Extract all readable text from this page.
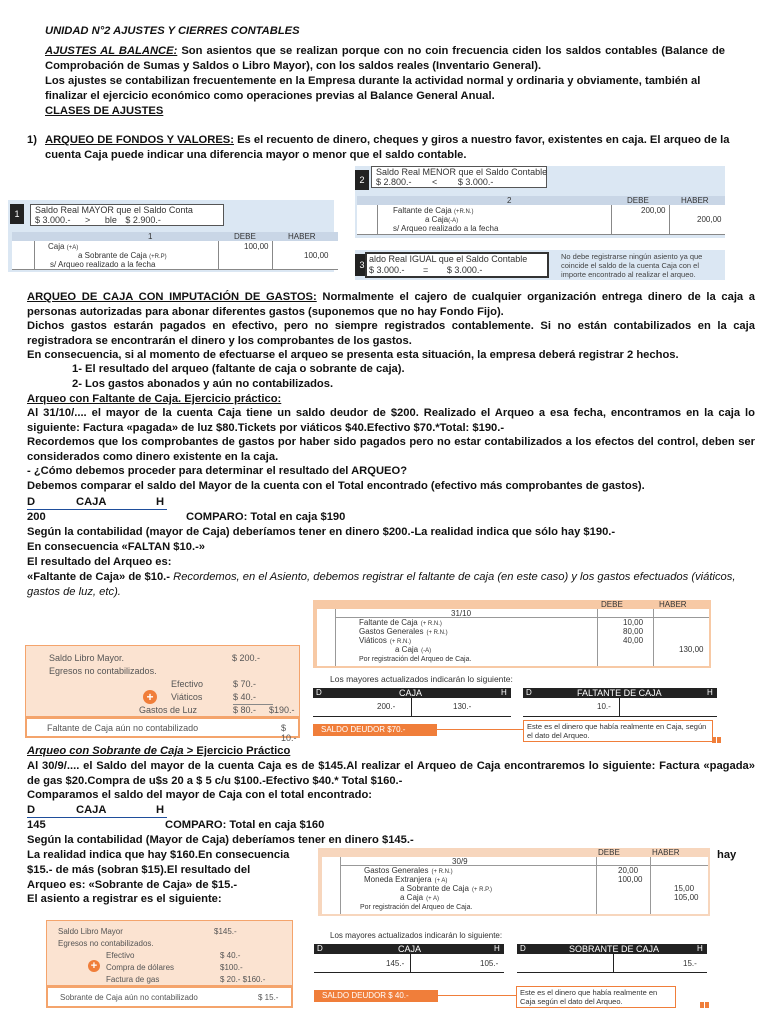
UNIDAD N°2 AJUSTES Y CIERRES CONTABLES
AJUSTES AL BALANCE: Son asientos que se realizan porque con no coin frecuencia ciden los saldos contables (Balance de Comprobación de Sumas y Saldos o Libro Mayor), con los saldos reales (Inventario General).
Los ajustes se contabilizan frecuentemente en la Empresa durante la actividad normal y ordinaria y obviamente, también al finalizar el ejercicio económico como operaciones previas al Balance General Anual.
CLASES DE AJUSTES
1) ARQUEO DE FONDOS Y VALORES: Es el recuento de dinero, cheques y giros a nuestro favor, existentes en caja. El arqueo de la cuenta Caja puede indicar una diferencia mayor o menor que el saldo contable.
1	Saldo Real MAYOR que el Saldo Conta
$ 3.000.- > ble $ 2.900.-
1	DEBE	HABER
Caja (+A)	100,00
a Sobrante de Caja (+R.P)	100,00
s/ Arqueo realizado a la fecha
2
Saldo Real MENOR que el Saldo Contable
$ 2.800.- < $ 3.000.-
2	DEBE	HABER
Faltante de Caja (+R.N.)	200,00
a Caja(-A)	200,00
s/ Arqueo realizado a la fecha
3
aldo Real IGUAL que el Saldo Contable
$ 3.000.- = $ 3.000.-
No debe registrarse ningún asiento ya que coincide el saldo de la cuenta Caja con el importe encontrado al realizar el arqueo.
ARQUEO DE CAJA CON IMPUTACIÓN DE GASTOS: Normalmente el cajero de cualquier organización entrega dinero de la caja a personas autorizadas para abonar diferentes gastos (suponemos que no hay Fondo Fijo).
Dichos gastos estarán pagados en efectivo, pero no siempre registrados contablemente. Si no están contabilizados en la caja registradora se encontrarán el dinero y los comprobantes de los gastos.
En consecuencia, si al momento de efectuarse el arqueo se presenta esta situación, la empresa deberá registrar 2 hechos.
1- El resultado del arqueo (faltante de caja o sobrante de caja).
2- Los gastos abonados y aún no contabilizados.
Arqueo con Faltante de Caja. Ejercicio práctico:
Al 31/10/.... el mayor de la cuenta Caja tiene un saldo deudor de $200. Realizado el Arqueo a esa fecha, encontramos en la caja lo siguiente: Factura «pagada» de luz $80.Tickets por viáticos $40.Efectivo $70.*Total: $190.-
Recordemos que los comprobantes de gastos por haber sido pagados pero no estar contabilizados a los efectos del control, deben ser considerados como dinero existente en la caja.
- ¿Cómo debemos proceder para determinar el resultado del ARQUEO?
Debemos comparar el saldo del Mayor de la cuenta con el Total encontrado (efectivo más comprobantes de gastos).
D	CAJA	H
200	COMPARO: Total en caja $190
Según la contabilidad (mayor de Caja) deberíamos tener en dinero $200.-La realidad indica que sólo hay $190.-
En consecuencia «FALTAN $10.-»
El resultado del Arqueo es:
«Faltante de Caja» de $10.- Recordemos, en el Asiento, debemos registrar el faltante de caja (en este caso) y los gastos efectuados (viáticos, gastos de luz, etc).
DEBE	HABER
31/10
Faltante de Caja (+ R.N.)	10,00
Gastos Generales (+ R.N.)	80,00
Viáticos (+ R.N.)	40,00
a Caja (-A)	130,00
Por registración del Arqueo de Caja.
Los mayores actualizados indicarán lo siguiente:
D	CAJA	H
200.-	130.-
D	FALTANTE DE CAJA	H
10.-
SALDO DEUDOR $70.-	Este es el dinero que había realmente en Caja, según el dato del Arqueo.
Saldo Libro Mayor.	$ 200.-
Egresos no contabilizados.
Efectivo	$ 70.-
Viáticos	$ 40.-
Gastos de Luz	$ 80.-
+
$190.-
Faltante de Caja aún no contabilizado	$ 10.-
Arqueo con Sobrante de Caja > Ejercicio Práctico
Al 30/9/.... el Saldo del mayor de la cuenta Caja es de $145.Al realizar el Arqueo de Caja encontraremos lo siguiente: Factura «pagada» de gas $20.Compra de u$s 20 a $ 5 c/u $100.-Efectivo $40.* Total $160.-
Comparamos el saldo del mayor de Caja con el total encontrado:
D	CAJA	H
145	COMPARO: Total en caja $160
Según la contabilidad (Mayor de Caja) deberíamos tener en dinero $145.-
La realidad indica que hay $160.En consecuencia	hay
$15.- de más (sobran $15).El resultado del
Arqueo es: «Sobrante de Caja» de $15.-
El asiento a registrar es el siguiente:
DEBE	HABER
30/9
Gastos Generales (+ R.N.)	20,00
Moneda Extranjera (+ A)	100,00
a Sobrante de Caja (+ R.P.)	15,00
a Caja (+ A)	105,00
Por registración del Arqueo de Caja.
Saldo Libro Mayor	$145.-
Egresos no contabilizados.
Efectivo	$ 40.-
Compra de dólares	$100.-
Factura de gas	$ 20.- $160.-
+
Sobrante de Caja aún no contabilizado	$ 15.-
Los mayores actualizados indicarán lo siguiente:
D	CAJA	H
145.-	105.-
D	SOBRANTE DE CAJA	H
15.-
SALDO DEUDOR $ 40.-	Este es el dinero que había realmente en Caja según el dato del Arqueo.
